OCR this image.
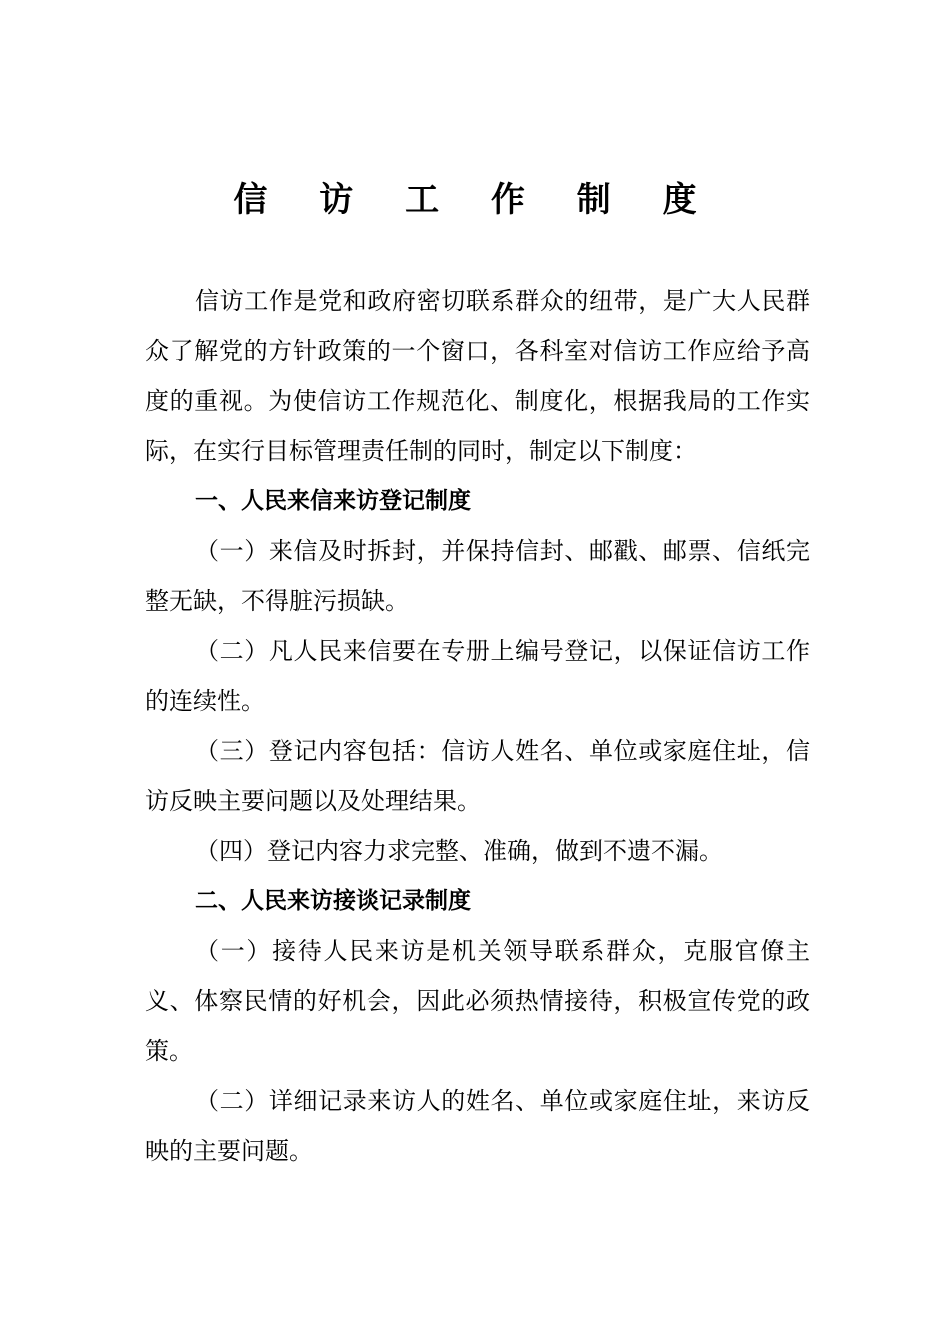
信 访 工 作 制 度

信访工作是党和政府密切联系群众的纽带，是广大人民群众了解党的方针政策的一个窗口，各科室对信访工作应给予高度的重视。为使信访工作规范化、制度化，根据我局的工作实际，在实行目标管理责任制的同时，制定以下制度：

一、人民来信来访登记制度

（一）来信及时拆封，并保持信封、邮戳、邮票、信纸完整无缺，不得脏污损缺。

（二）凡人民来信要在专册上编号登记，以保证信访工作的连续性。

（三）登记内容包括：信访人姓名、单位或家庭住址，信访反映主要问题以及处理结果。

（四）登记内容力求完整、准确，做到不遗不漏。

二、人民来访接谈记录制度

（一）接待人民来访是机关领导联系群众，克服官僚主义、体察民情的好机会，因此必须热情接待，积极宣传党的政策。

（二）详细记录来访人的姓名、单位或家庭住址，来访反映的主要问题。
